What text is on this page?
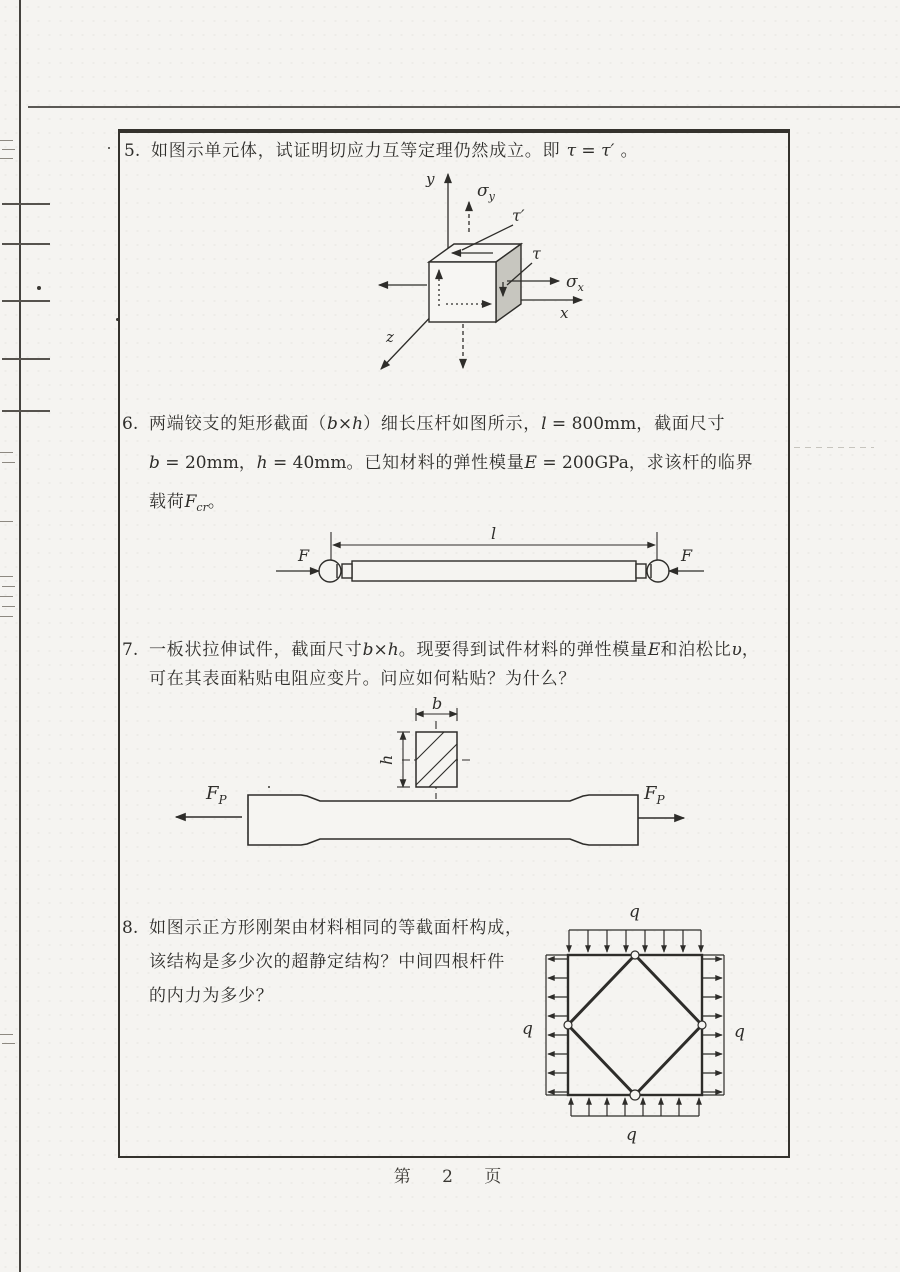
5. 如图示单元体，试证明切应力互等定理仍然成立。即 τ = τ′ 。
y
x
z
$\sigma_y$
$\sigma_x$
τ′
τ
6. 两端铰支的矩形截面（b×h）细长压杆如图所示，l = 800mm，截面尺寸
b = 20mm，h = 40mm。已知材料的弹性模量E = 200GPa，求该杆的临界
载荷$F_{cr}$。
l
F	F
7. 一板状拉伸试件，截面尺寸b×h。现要得到试件材料的弹性模量E和泊松比υ，
可在其表面粘贴电阻应变片。问应如何粘贴？为什么？
b
h
$F_P$	$F_P$
8. 如图示正方形刚架由材料相同的等截面杆构成，
该结构是多少次的超静定结构？中间四根杆件
的内力为多少？
q
q	q
q
第 2 页
